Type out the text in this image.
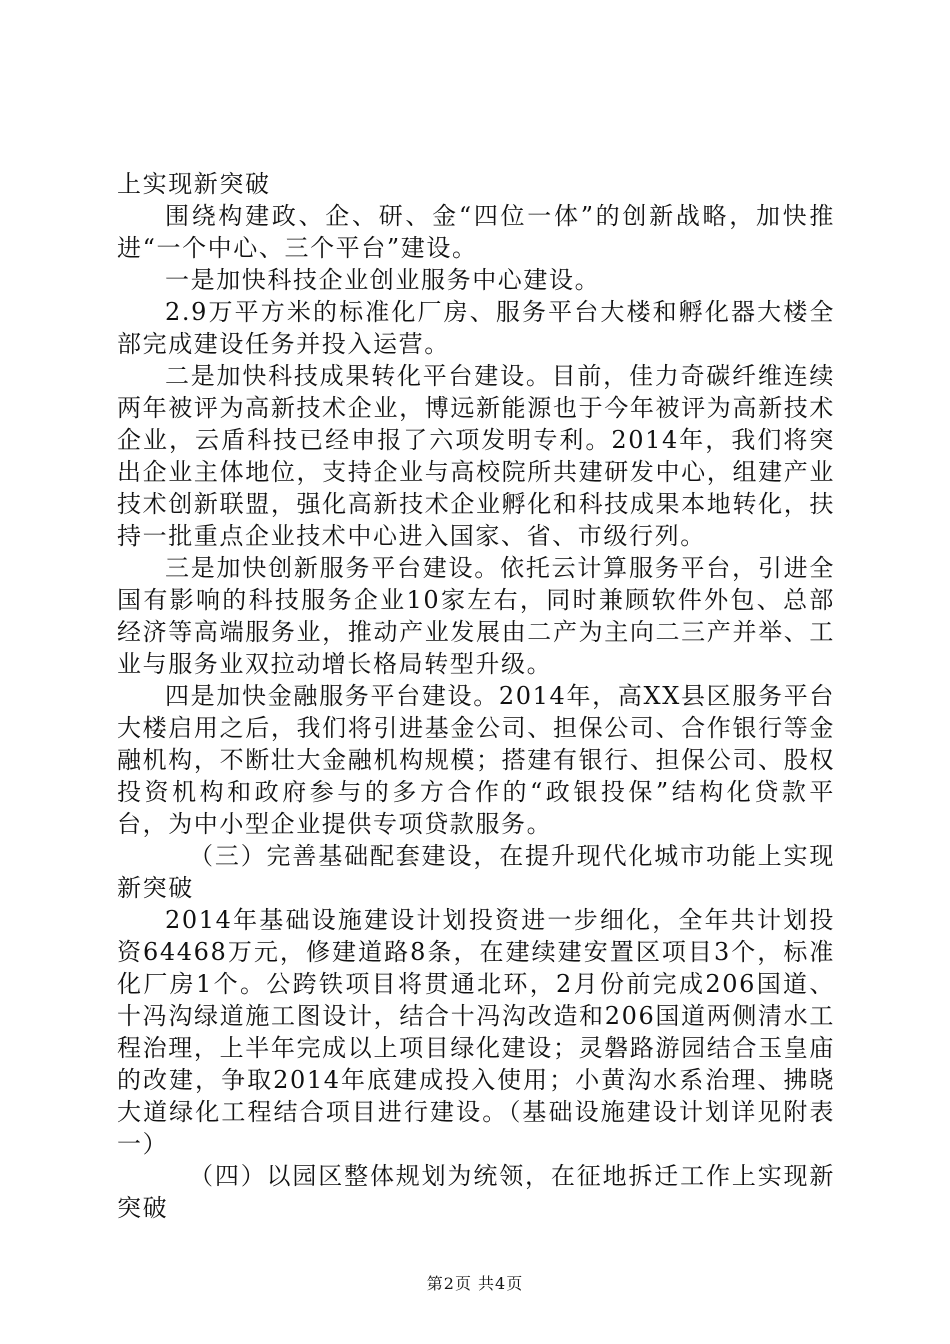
上实现新突破

围绕构建政、企、研、金“四位一体”的创新战略，加快推进“一个中心、三个平台”建设。

一是加快科技企业创业服务中心建设。

2.9万平方米的标准化厂房、服务平台大楼和孵化器大楼全部完成建设任务并投入运营。

二是加快科技成果转化平台建设。目前，佳力奇碳纤维连续两年被评为高新技术企业，博远新能源也于今年被评为高新技术企业，云盾科技已经申报了六项发明专利。2014年，我们将突出企业主体地位，支持企业与高校院所共建研发中心，组建产业技术创新联盟，强化高新技术企业孵化和科技成果本地转化，扶持一批重点企业技术中心进入国家、省、市级行列。

三是加快创新服务平台建设。依托云计算服务平台，引进全国有影响的科技服务企业10家左右，同时兼顾软件外包、总部经济等高端服务业，推动产业发展由二产为主向二三产并举、工业与服务业双拉动增长格局转型升级。

四是加快金融服务平台建设。2014年，高XX县区服务平台大楼启用之后，我们将引进基金公司、担保公司、合作银行等金融机构，不断壮大金融机构规模；搭建有银行、担保公司、股权投资机构和政府参与的多方合作的“政银投保”结构化贷款平台，为中小型企业提供专项贷款服务。

（三）完善基础配套建设，在提升现代化城市功能上实现新突破

2014年基础设施建设计划投资进一步细化，全年共计划投资64468万元，修建道路8条，在建续建安置区项目3个，标准化厂房1个。公跨铁项目将贯通北环，2月份前完成206国道、十冯沟绿道施工图设计，结合十冯沟改造和206国道两侧清水工程治理，上半年完成以上项目绿化建设；灵磐路游园结合玉皇庙的改建，争取2014年底建成投入使用；小黄沟水系治理、拂晓大道绿化工程结合项目进行建设。（基础设施建设计划详见附表一）

（四）以园区整体规划为统领，在征地拆迁工作上实现新突破

第2页 共4页
